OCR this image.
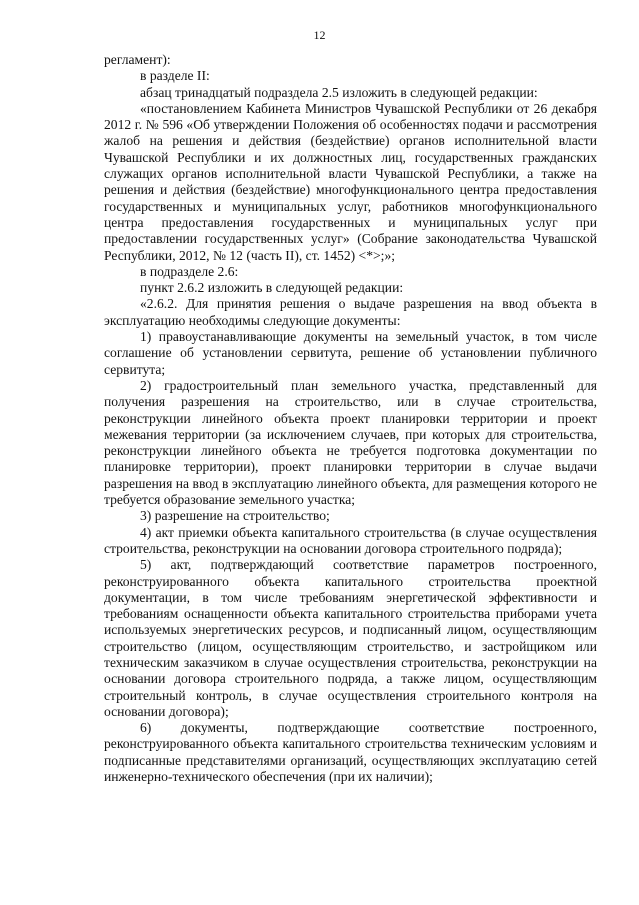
12

регламент):

в разделе II:

абзац тринадцатый подраздела 2.5 изложить в следующей редакции:

«постановлением Кабинета Министров Чувашской Республики от 26 декабря 2012 г. № 596 «Об утверждении Положения об особенностях подачи и рассмотрения жалоб на решения и действия (бездействие) органов исполнительной власти Чувашской Республики и их должностных лиц, государственных гражданских служащих органов исполнительной власти Чувашской Республики, а также на решения и действия (бездействие) многофункционального центра предоставления государственных и муниципальных услуг, работников многофункционального центра предоставления государственных и муниципальных услуг при предоставлении государственных услуг» (Собрание законодательства Чувашской Республики, 2012, № 12 (часть II), ст. 1452) <*>;»;

в подразделе 2.6:

пункт 2.6.2 изложить в следующей редакции:

«2.6.2. Для принятия решения о выдаче разрешения на ввод объекта в эксплуатацию необходимы следующие документы:

1) правоустанавливающие документы на земельный участок, в том числе соглашение об установлении сервитута, решение об установлении публичного сервитута;

2) градостроительный план земельного участка, представленный для получения разрешения на строительство, или в случае строительства, реконструкции линейного объекта проект планировки территории и проект межевания территории (за исключением случаев, при которых для строительства, реконструкции линейного объекта не требуется подготовка документации по планировке территории), проект планировки территории в случае выдачи разрешения на ввод в эксплуатацию линейного объекта, для размещения которого не требуется образование земельного участка;

3) разрешение на строительство;

4) акт приемки объекта капитального строительства (в случае осуществления строительства, реконструкции на основании договора строительного подряда);

5) акт, подтверждающий соответствие параметров построенного, реконструированного объекта капитального строительства проектной документации, в том числе требованиям энергетической эффективности и требованиям оснащенности объекта капитального строительства приборами учета используемых энергетических ресурсов, и подписанный лицом, осуществляющим строительство (лицом, осуществляющим строительство, и застройщиком или техническим заказчиком в случае осуществления строительства, реконструкции на основании договора строительного подряда, а также лицом, осуществляющим строительный контроль, в случае осуществления строительного контроля на основании договора);

6) документы, подтверждающие соответствие построенного, реконструированного объекта капитального строительства техническим условиям и подписанные представителями организаций, осуществляющих эксплуатацию сетей инженерно-технического обеспечения (при их наличии);
